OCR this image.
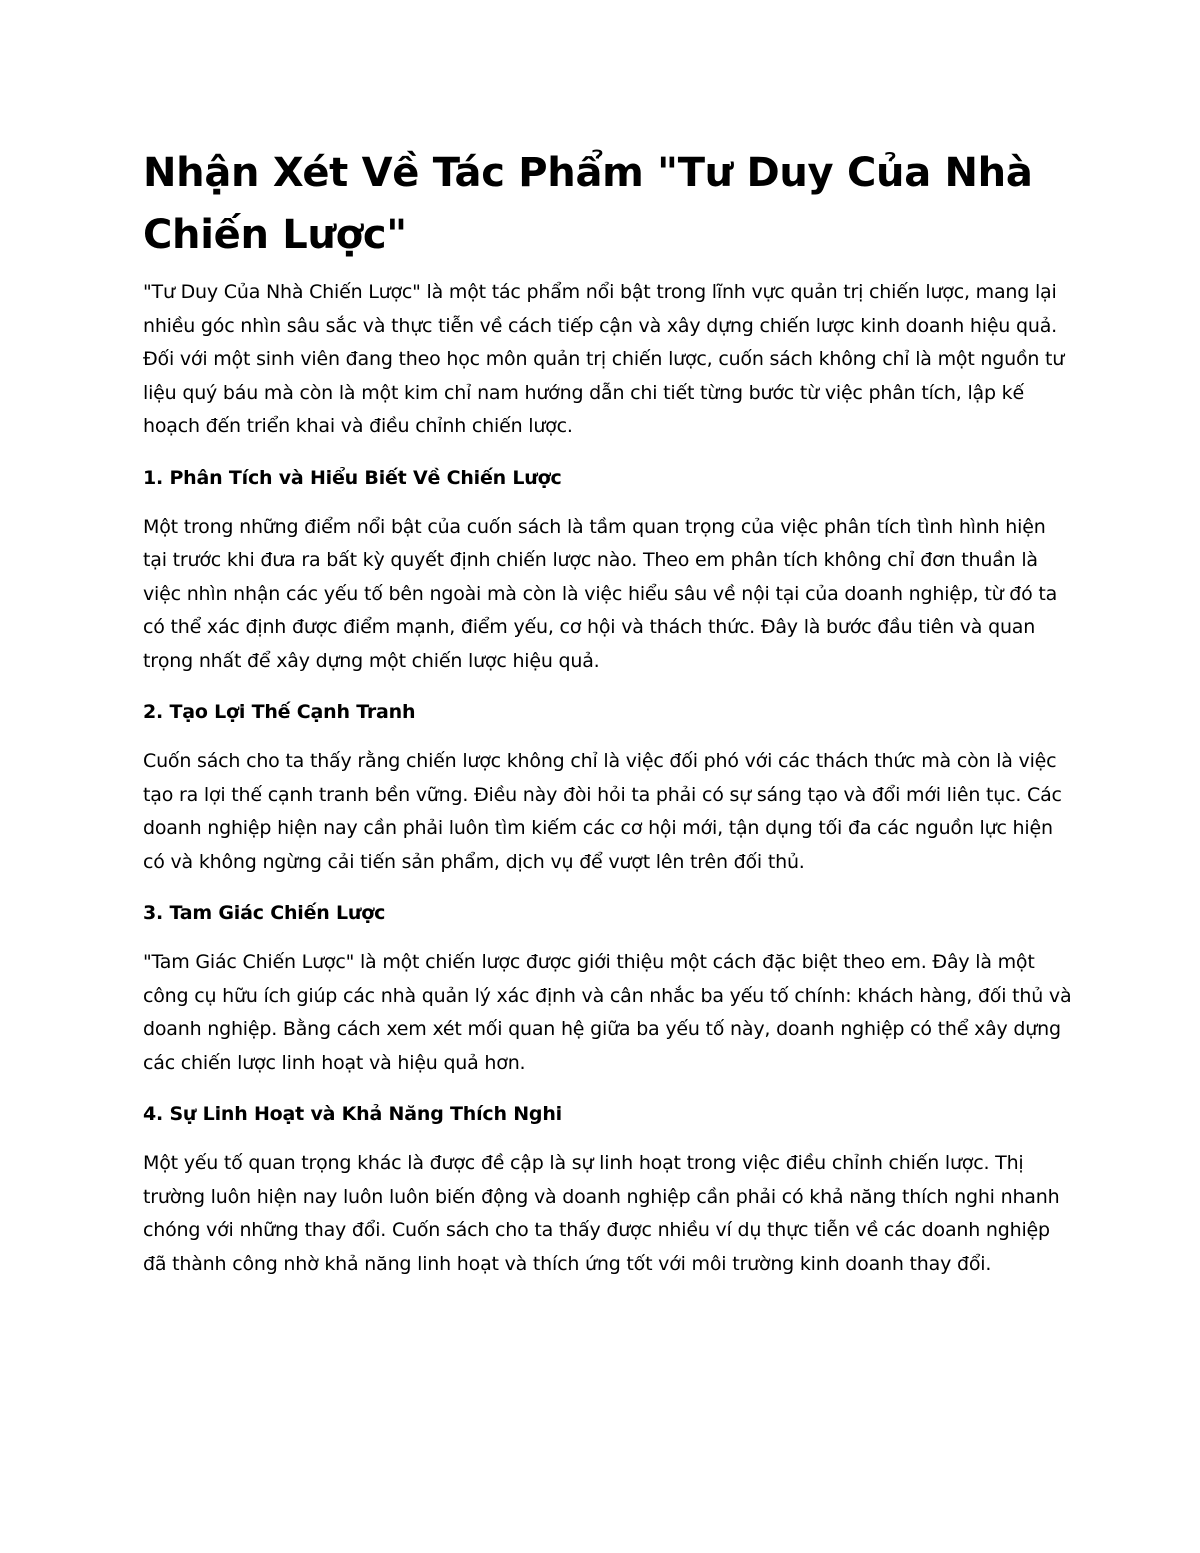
Nhận Xét Về Tác Phẩm "Tư Duy Của Nhà Chiến Lược"

"Tư Duy Của Nhà Chiến Lược" là một tác phẩm nổi bật trong lĩnh vực quản trị chiến lược, mang lại nhiều góc nhìn sâu sắc và thực tiễn về cách tiếp cận và xây dựng chiến lược kinh doanh hiệu quả. Đối với một sinh viên đang theo học môn quản trị chiến lược, cuốn sách không chỉ là một nguồn tư liệu quý báu mà còn là một kim chỉ nam hướng dẫn chi tiết từng bước từ việc phân tích, lập kế hoạch đến triển khai và điều chỉnh chiến lược.

1. Phân Tích và Hiểu Biết Về Chiến Lược

Một trong những điểm nổi bật của cuốn sách là tầm quan trọng của việc phân tích tình hình hiện tại trước khi đưa ra bất kỳ quyết định chiến lược nào. Theo em phân tích không chỉ đơn thuần là việc nhìn nhận các yếu tố bên ngoài mà còn là việc hiểu sâu về nội tại của doanh nghiệp, từ đó ta có thể xác định được điểm mạnh, điểm yếu, cơ hội và thách thức. Đây là bước đầu tiên và quan trọng nhất để xây dựng một chiến lược hiệu quả.

2. Tạo Lợi Thế Cạnh Tranh

Cuốn sách cho ta thấy rằng chiến lược không chỉ là việc đối phó với các thách thức mà còn là việc tạo ra lợi thế cạnh tranh bền vững. Điều này đòi hỏi ta phải có sự sáng tạo và đổi mới liên tục. Các doanh nghiệp hiện nay cần phải luôn tìm kiếm các cơ hội mới, tận dụng tối đa các nguồn lực hiện có và không ngừng cải tiến sản phẩm, dịch vụ để vượt lên trên đối thủ.

3. Tam Giác Chiến Lược

"Tam Giác Chiến Lược" là một chiến lược được giới thiệu một cách đặc biệt theo em. Đây là một công cụ hữu ích giúp các nhà quản lý xác định và cân nhắc ba yếu tố chính: khách hàng, đối thủ và doanh nghiệp. Bằng cách xem xét mối quan hệ giữa ba yếu tố này, doanh nghiệp có thể xây dựng các chiến lược linh hoạt và hiệu quả hơn.

4. Sự Linh Hoạt và Khả Năng Thích Nghi

Một yếu tố quan trọng khác là được đề cập là sự linh hoạt trong việc điều chỉnh chiến lược. Thị trường luôn hiện nay luôn luôn biến động và doanh nghiệp cần phải có khả năng thích nghi nhanh chóng với những thay đổi. Cuốn sách cho ta thấy được nhiều ví dụ thực tiễn về các doanh nghiệp đã thành công nhờ khả năng linh hoạt và thích ứng tốt với môi trường kinh doanh thay đổi.
